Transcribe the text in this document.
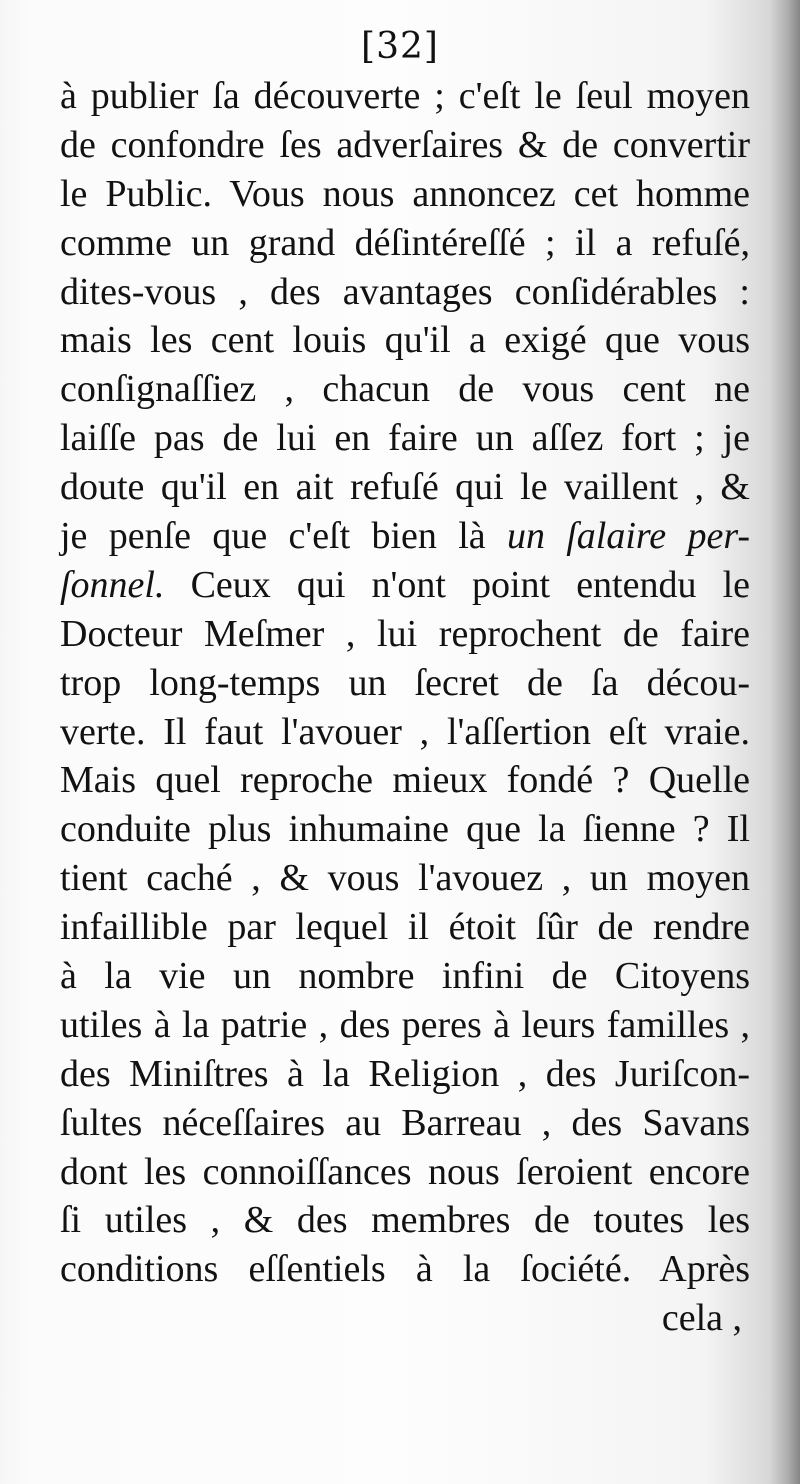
[32]
à publier ſa découverte ; c'eſt le ſeul moyen
de confondre ſes adverſaires & de convertir
le Public. Vous nous annoncez cet homme
comme un grand déſintéreſſé ; il a refuſé,
dites-vous , des avantages conſidérables :
mais les cent louis qu'il a exigé que vous
conſignaſſiez , chacun de vous cent ne
laiſſe pas de lui en faire un aſſez fort ; je
doute qu'il en ait refuſé qui le vaillent , &
je penſe que c'eſt bien là un ſalaire per-
ſonnel. Ceux qui n'ont point entendu le
Docteur Meſmer , lui reprochent de faire
trop long-temps un ſecret de ſa décou-
verte. Il faut l'avouer , l'aſſertion eſt vraie.
Mais quel reproche mieux fondé ? Quelle
conduite plus inhumaine que la ſienne ? Il
tient caché , & vous l'avouez , un moyen
infaillible par lequel il étoit ſûr de rendre
à la vie un nombre infini de Citoyens
utiles à la patrie , des peres à leurs familles ,
des Miniſtres à la Religion , des Juriſcon-
ſultes néceſſaires au Barreau , des Savans
dont les connoiſſances nous ſeroient encore
ſi utiles , & des membres de toutes les
conditions eſſentiels à la ſociété. Après
cela ,
